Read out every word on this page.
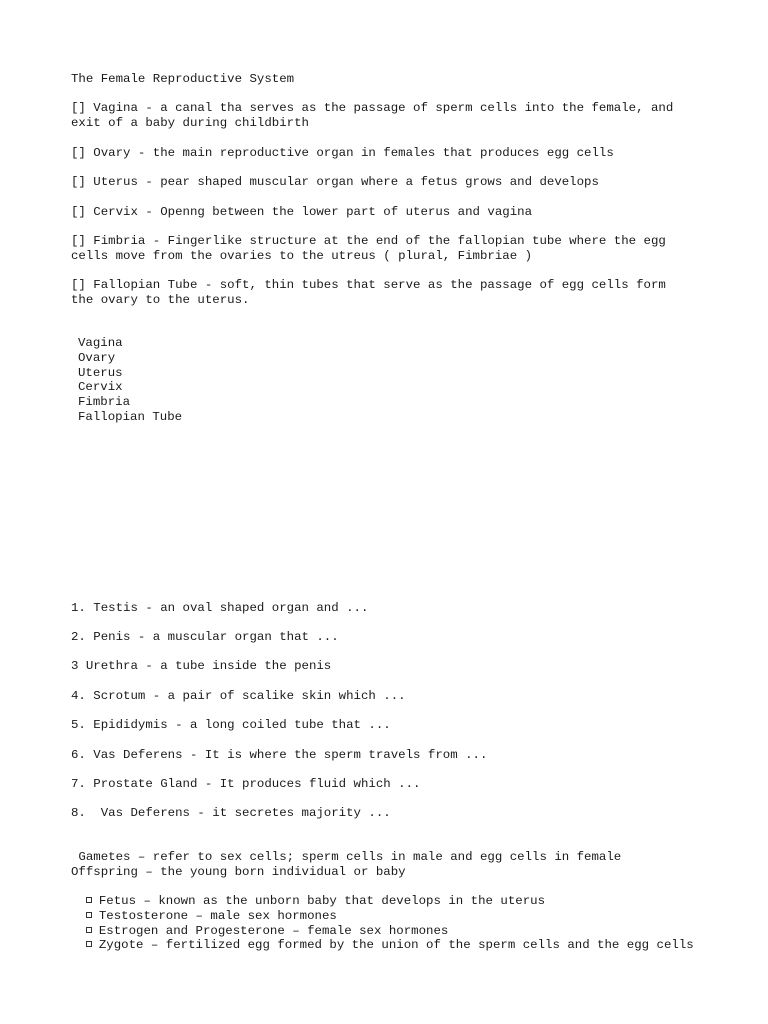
The Female Reproductive System
[] Vagina - a canal tha serves as the passage of sperm cells into the female, and
exit of a baby during childbirth
[] Ovary - the main reproductive organ in females that produces egg cells
[] Uterus - pear shaped muscular organ where a fetus grows and develops
[] Cervix - Openng between the lower part of uterus and vagina
[] Fimbria - Fingerlike structure at the end of the fallopian tube where the egg
cells move from the ovaries to the utreus ( plural, Fimbriae )
[] Fallopian Tube - soft, thin tubes that serve as the passage of egg cells form
the ovary to the uterus.
Vagina
Ovary
Uterus
Cervix
Fimbria
Fallopian Tube
1. Testis - an oval shaped organ and ...
2. Penis - a muscular organ that ...
3 Urethra - a tube inside the penis
4. Scrotum - a pair of scalike skin which ...
5. Epididymis - a long coiled tube that ...
6. Vas Deferens - It is where the sperm travels from ...
7. Prostate Gland - It produces fluid which ...
8.  Vas Deferens - it secretes majority ...
Gametes – refer to sex cells; sperm cells in male and egg cells in female
Offspring – the young born individual or baby

Fetus – known as the unborn baby that develops in the uterus

Testosterone – male sex hormones

Estrogen and Progesterone – female sex hormones

Zygote – fertilized egg formed by the union of the sperm cells and the egg cells
